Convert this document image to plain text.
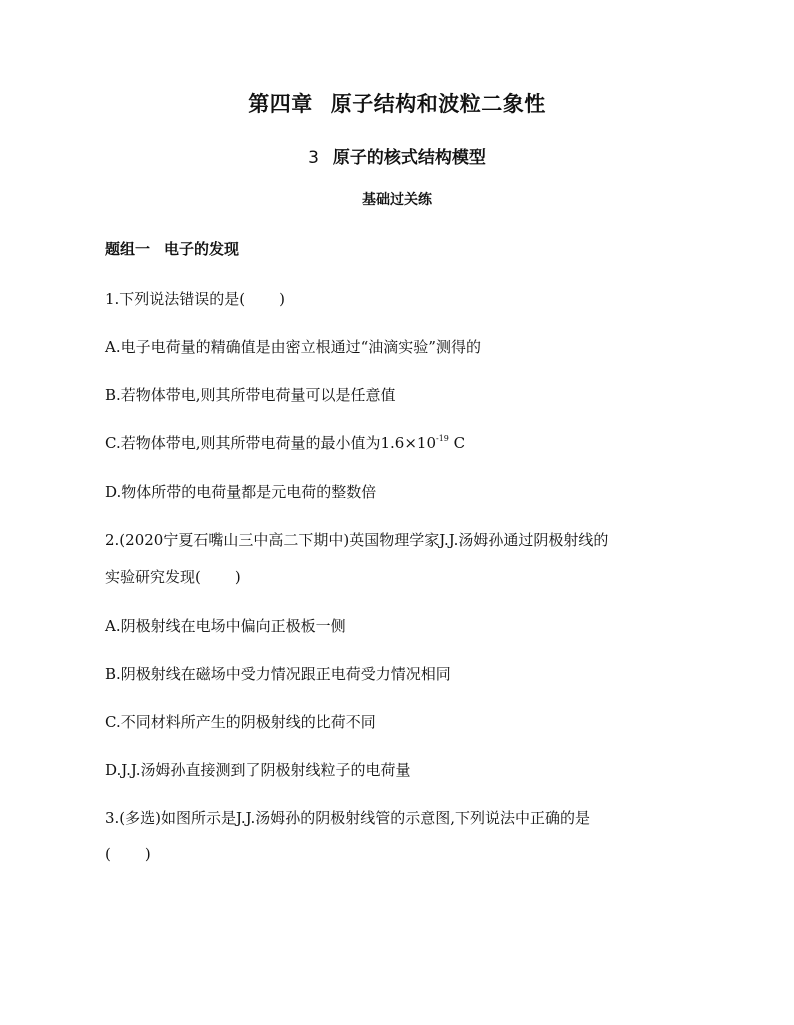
第四章 原子结构和波粒二象性
3 原子的核式结构模型
基础过关练
题组一 电子的发现
1.下列说法错误的是( )
A.电子电荷量的精确值是由密立根通过“油滴实验”测得的
B.若物体带电,则其所带电荷量可以是任意值
C.若物体带电,则其所带电荷量的最小值为$1.6\times 10^{-19}$ C
D.物体所带的电荷量都是元电荷的整数倍
2.(2020宁夏石嘴山三中高二下期中)英国物理学家J.J.汤姆孙通过阴极射线的
实验研究发现( )
A.阴极射线在电场中偏向正极板一侧
B.阴极射线在磁场中受力情况跟正电荷受力情况相同
C.不同材料所产生的阴极射线的比荷不同
D.J.J.汤姆孙直接测到了阴极射线粒子的电荷量
3.(多选)如图所示是J.J.汤姆孙的阴极射线管的示意图,下列说法中正确的是
( )
